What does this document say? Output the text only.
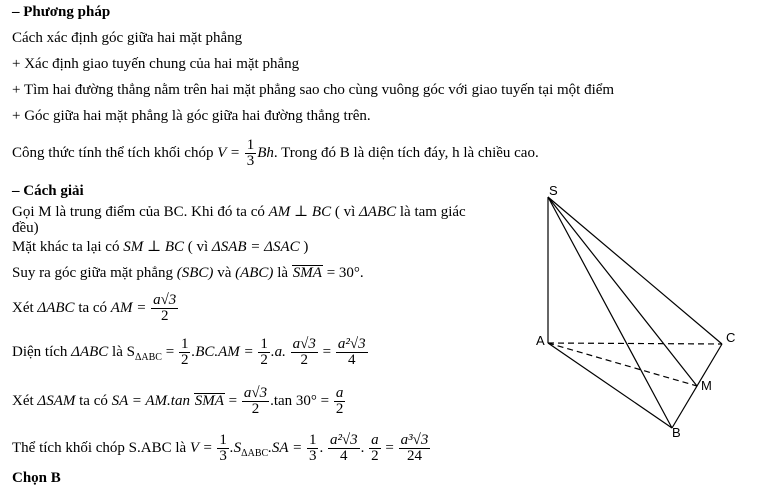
– Phương pháp
Cách xác định góc giữa hai mặt phẳng
+ Xác định giao tuyến chung của hai mặt phẳng
+ Tìm hai đường thẳng nằm trên hai mặt phẳng sao cho cùng vuông góc với giao tuyến tại một điểm
+ Góc giữa hai mặt phẳng là góc giữa hai đường thẳng trên.
Công thức tính thể tích khối chóp $V = \frac{1}{3} Bh$. Trong đó B là diện tích đáy, h là chiều cao.
– Cách giải
Gọi M là trung điểm của BC. Khi đó ta có AM ⊥ BC ( vì ΔABC là tam giác
đều)
Mặt khác ta lại có SM ⊥ BC ( vì ΔSAB = ΔSAC )
Suy ra góc giữa mặt phẳng (SBC) và (ABC) là SMA = 30°.
Xét ΔABC ta có AM = $\frac{a√3}{2}$
Diện tích ΔABC là $S_{\Delta ABC} = \frac{1}{2} .BC.AM = \frac{1}{2} .a$. $\frac{a√3}{2} = \frac{\text{a²√3}}{4}$
Xét ΔSAM ta có SA = AM.tan SMA = $\frac{a√3}{2} .\tan$ $30^\circ = \frac{a}{2}$
Thể tích khối chóp S.ABC là $V = \frac{1}{3} .S_{\Delta ABC}.SA = \frac{1}{3}$ . $\frac{\text{a²√3}}{4}$ . $\frac{a}{2} = \frac{\text{a³√3}}{24}$
Chọn B
S
A
B
C
M
